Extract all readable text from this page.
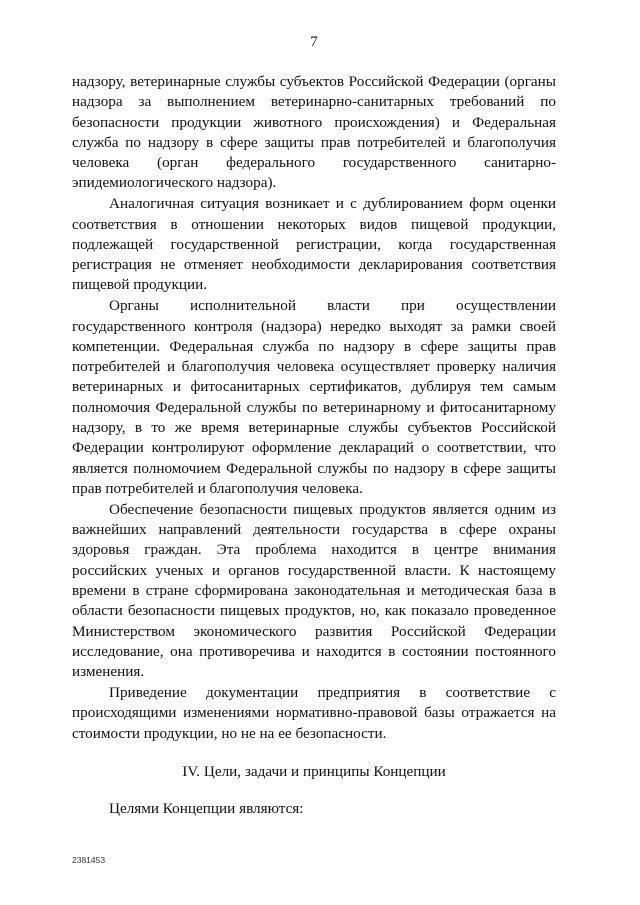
7

надзору, ветеринарные службы субъектов Российской Федерации (органы надзора за выполнением ветеринарно-санитарных требований по безопасности продукции животного происхождения) и Федеральная служба по надзору в сфере защиты прав потребителей и благополучия человека (орган федерального государственного санитарно-эпидемиологического надзора).

Аналогичная ситуация возникает и с дублированием форм оценки соответствия в отношении некоторых видов пищевой продукции, подлежащей государственной регистрации, когда государственная регистрация не отменяет необходимости декларирования соответствия пищевой продукции.

Органы исполнительной власти при осуществлении государственного контроля (надзора) нередко выходят за рамки своей компетенции. Федеральная служба по надзору в сфере защиты прав потребителей и благополучия человека осуществляет проверку наличия ветеринарных и фитосанитарных сертификатов, дублируя тем самым полномочия Федеральной службы по ветеринарному и фитосанитарному надзору, в то же время ветеринарные службы субъектов Российской Федерации контролируют оформление деклараций о соответствии, что является полномочием Федеральной службы по надзору в сфере защиты прав потребителей и благополучия человека.

Обеспечение безопасности пищевых продуктов является одним из важнейших направлений деятельности государства в сфере охраны здоровья граждан. Эта проблема находится в центре внимания российских ученых и органов государственной власти. К настоящему времени в стране сформирована законодательная и методическая база в области безопасности пищевых продуктов, но, как показало проведенное Министерством экономического развития Российской Федерации исследование, она противоречива и находится в состоянии постоянного изменения.

Приведение документации предприятия в соответствие с происходящими изменениями нормативно-правовой базы отражается на стоимости продукции, но не на ее безопасности.

IV. Цели, задачи и принципы Концепции

Целями Концепции являются:

2381453
